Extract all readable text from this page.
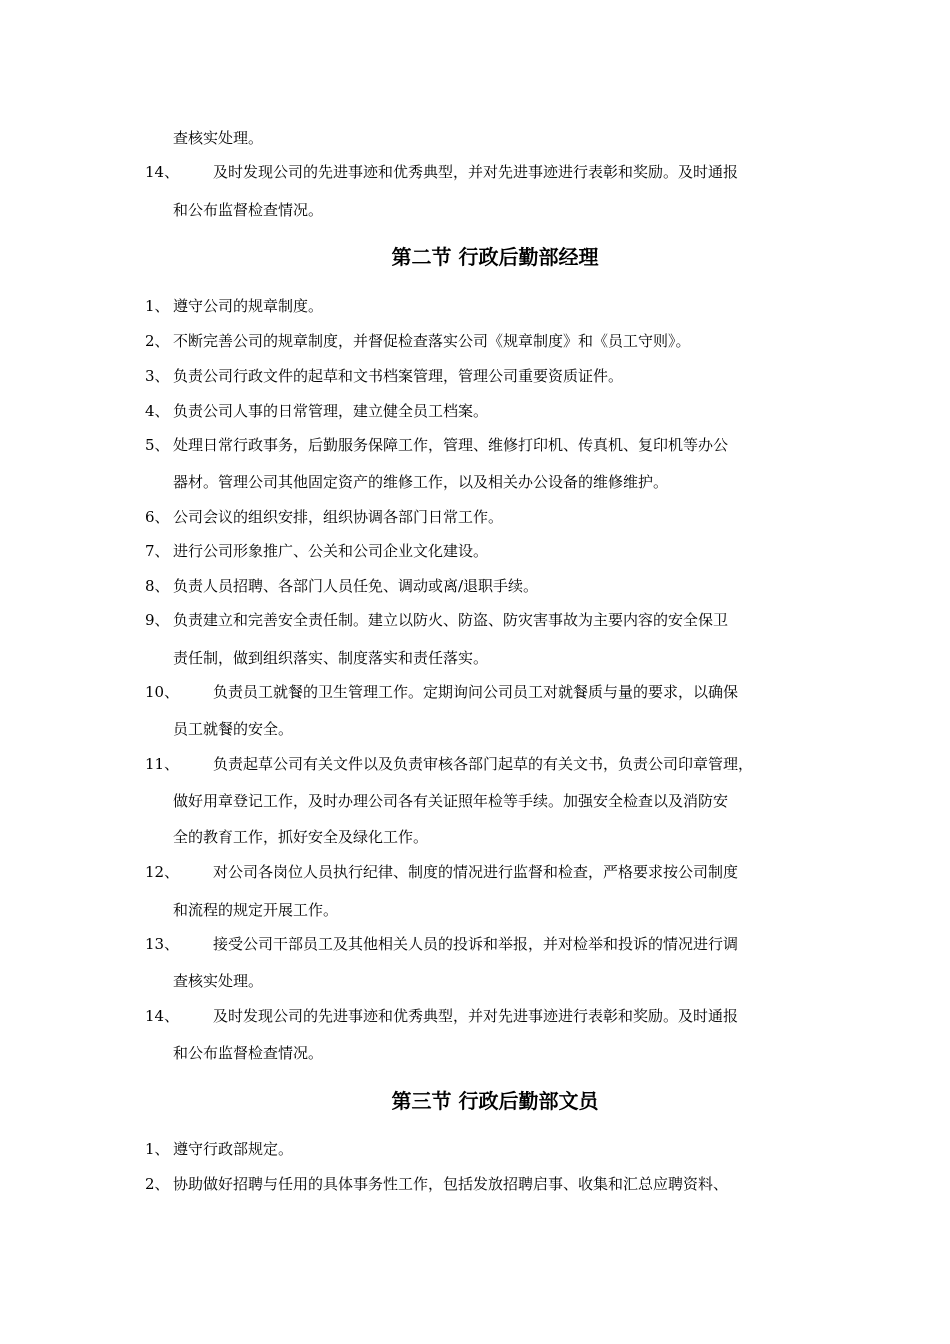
查核实处理。
14、 及时发现公司的先进事迹和优秀典型，并对先进事迹进行表彰和奖励。及时通报
和公布监督检查情况。
第二节 行政后勤部经理
1、 遵守公司的规章制度。
2、 不断完善公司的规章制度，并督促检查落实公司《规章制度》和《员工守则》。
3、 负责公司行政文件的起草和文书档案管理，管理公司重要资质证件。
4、 负责公司人事的日常管理，建立健全员工档案。
5、 处理日常行政事务，后勤服务保障工作，管理、维修打印机、传真机、复印机等办公
器材。管理公司其他固定资产的维修工作，以及相关办公设备的维修维护。
6、 公司会议的组织安排，组织协调各部门日常工作。
7、 进行公司形象推广、公关和公司企业文化建设。
8、 负责人员招聘、各部门人员任免、调动或离/退职手续。
9、 负责建立和完善安全责任制。建立以防火、防盗、防灾害事故为主要内容的安全保卫
责任制，做到组织落实、制度落实和责任落实。
10、 负责员工就餐的卫生管理工作。定期询问公司员工对就餐质与量的要求，以确保
员工就餐的安全。
11、 负责起草公司有关文件以及负责审核各部门起草的有关文书，负责公司印章管理，
做好用章登记工作，及时办理公司各有关证照年检等手续。加强安全检查以及消防安
全的教育工作，抓好安全及绿化工作。
12、 对公司各岗位人员执行纪律、制度的情况进行监督和检查，严格要求按公司制度
和流程的规定开展工作。
13、 接受公司干部员工及其他相关人员的投诉和举报，并对检举和投诉的情况进行调
查核实处理。
14、 及时发现公司的先进事迹和优秀典型，并对先进事迹进行表彰和奖励。及时通报
和公布监督检查情况。
第三节 行政后勤部文员
1、 遵守行政部规定。
2、 协助做好招聘与任用的具体事务性工作，包括发放招聘启事、收集和汇总应聘资料、
